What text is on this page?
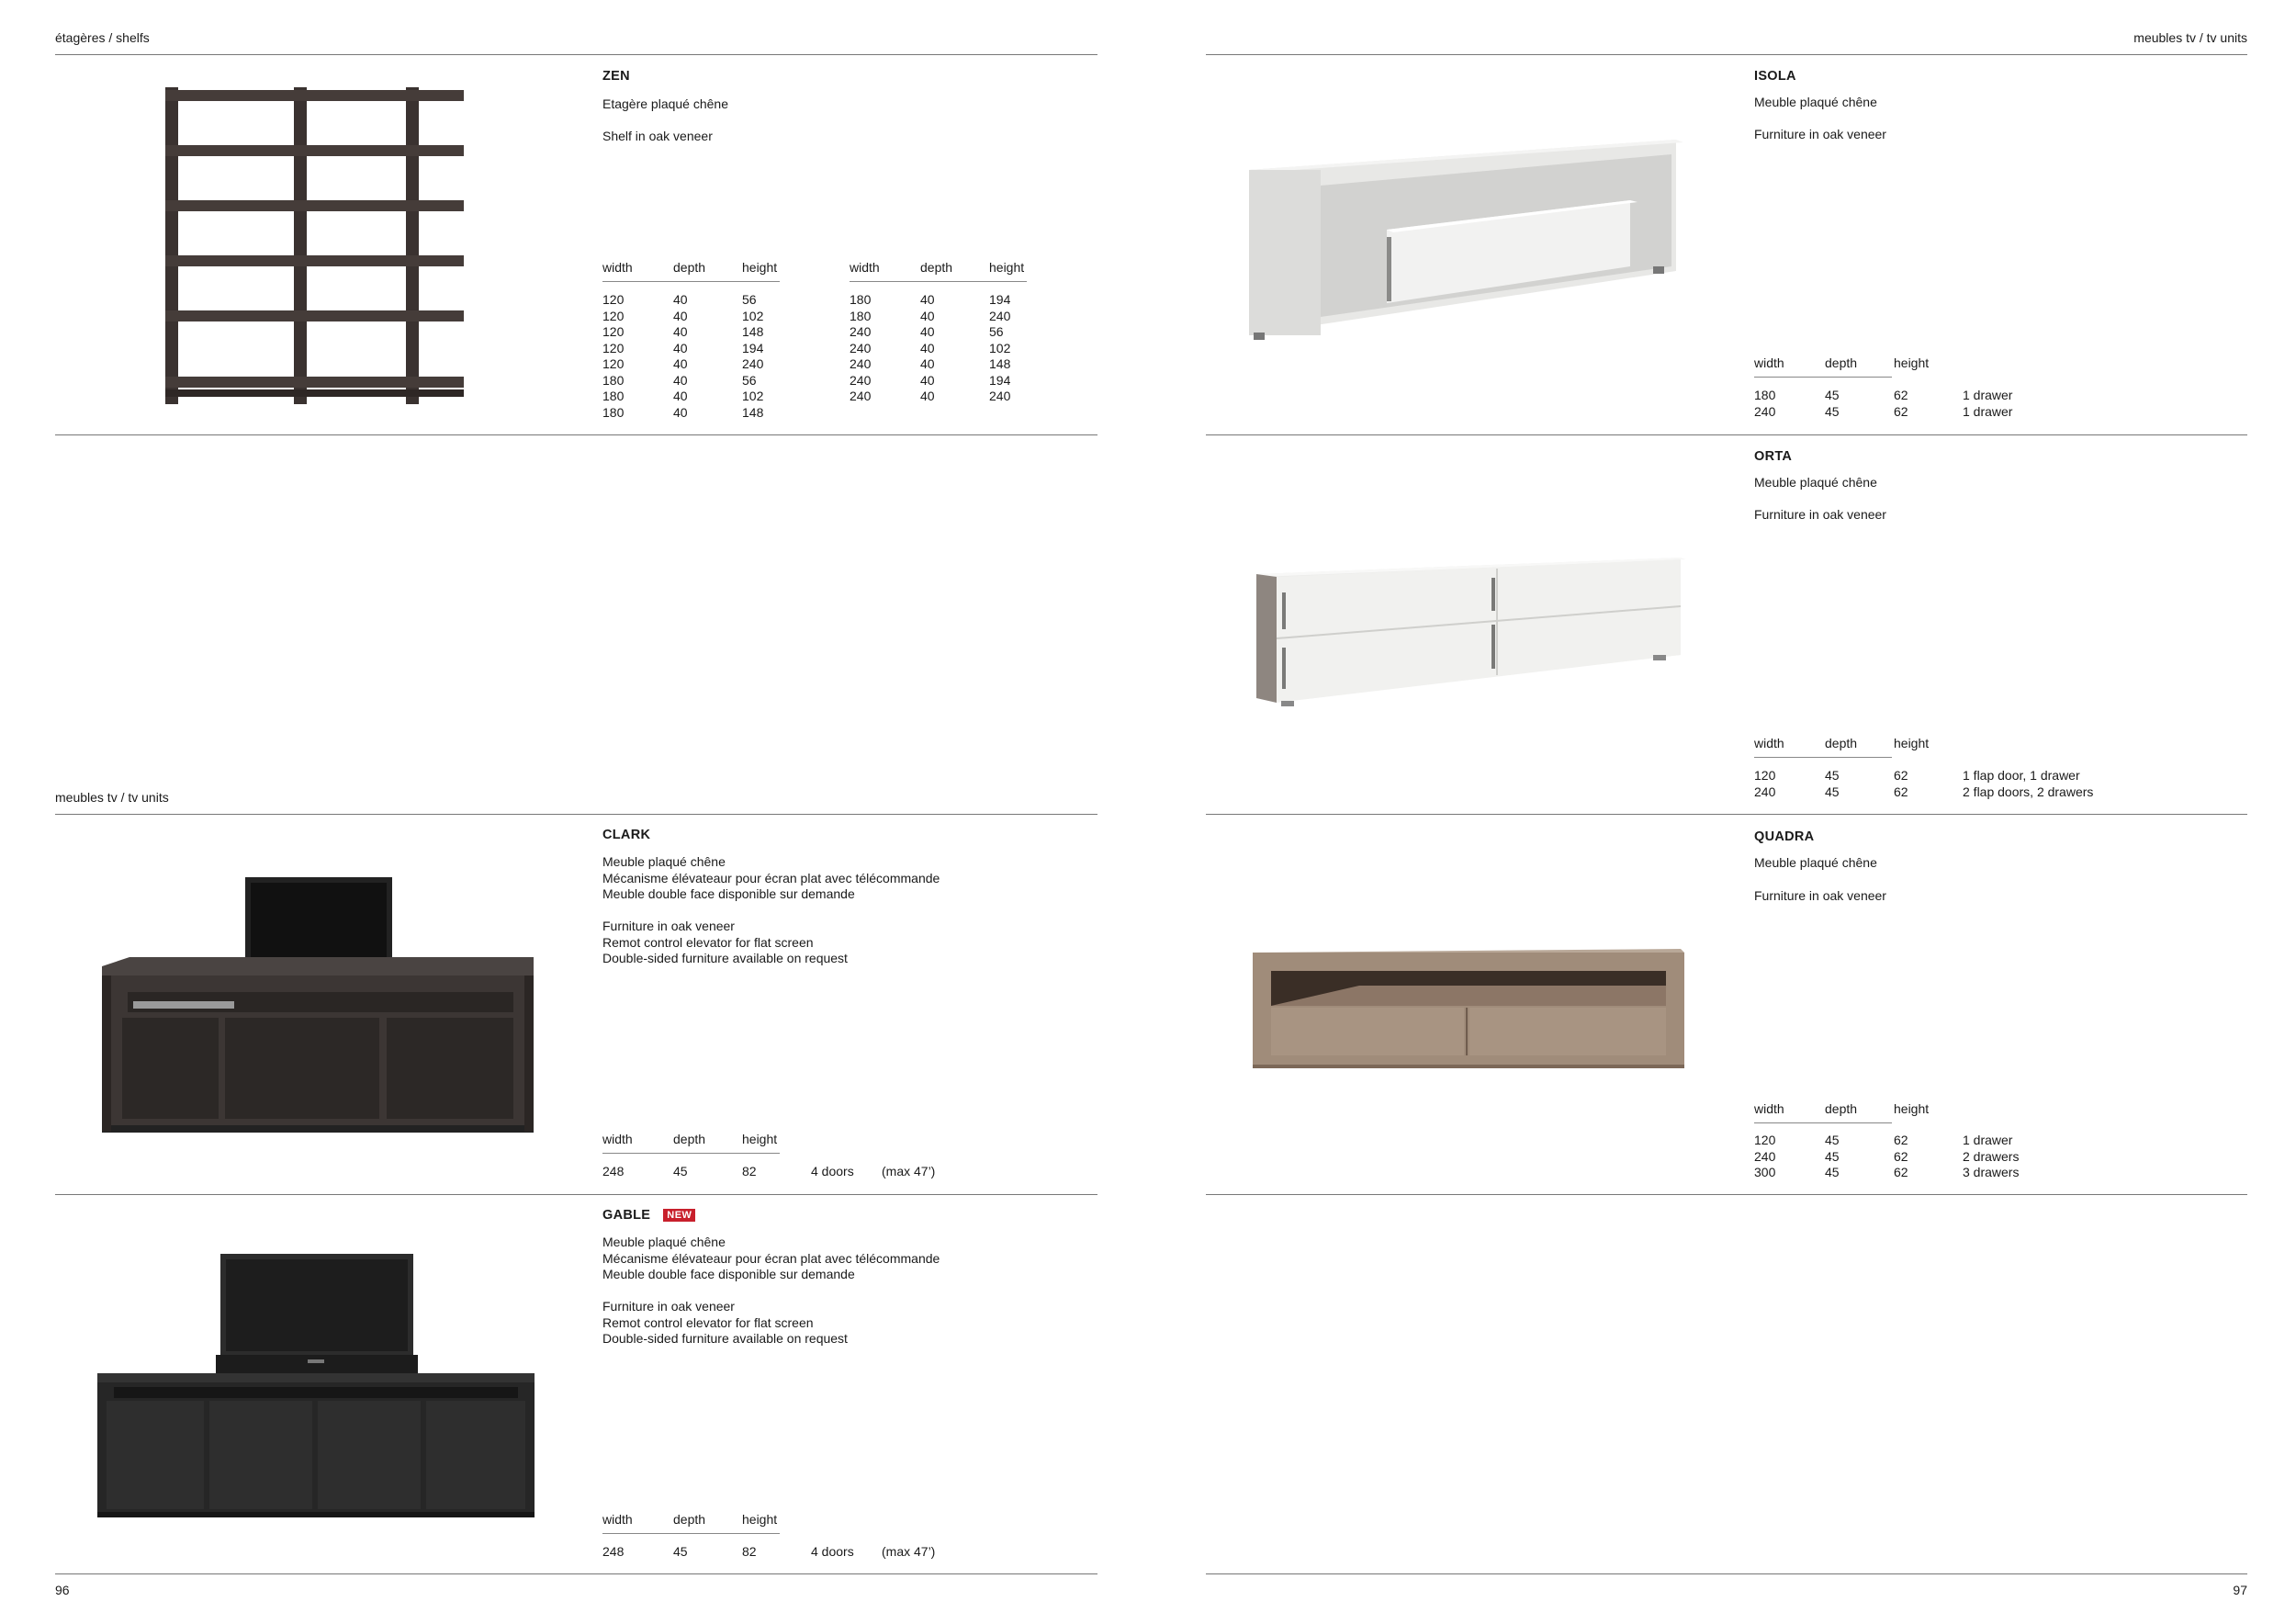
étagères / shelfs	meubles tv / tv units
meubles tv / tv units
96	97
ZEN
Etagère plaqué chêne
Shelf in oak veneer
width	depth	height
120	40	56
120	40	102
120	40	148
120	40	194
120	40	240
180	40	56
180	40	102
180	40	148
width	depth	height
180	40	194
180	40	240
240	40	56
240	40	102
240	40	148
240	40	194
240	40	240
ISOLA
Meuble plaqué chêne
Furniture in oak veneer
width	depth	height
180	45	62	1 drawer
240	45	62	1 drawer
ORTA
Meuble plaqué chêne
Furniture in oak veneer
width	depth	height
120	45	62	1 flap door, 1 drawer
240	45	62	2 flap doors, 2 drawers
CLARK
Meuble plaqué chêne
Mécanisme élévateaur pour écran plat avec télécommande
Meuble double face disponible sur demande
Furniture in oak veneer
Remot control elevator for flat screen
Double-sided furniture available on request
width	depth	height
248	45	82	4 doors (max 47’)
QUADRA
Meuble plaqué chêne
Furniture in oak veneer
width	depth	height
120	45	62	1 drawer
240	45	62	2 drawers
300	45	62	3 drawers
GABLE NEW
Meuble plaqué chêne
Mécanisme élévateaur pour écran plat avec télécommande
Meuble double face disponible sur demande
Furniture in oak veneer
Remot control elevator for flat screen
Double-sided furniture available on request
width	depth	height
248	45	82	4 doors (max 47’)
